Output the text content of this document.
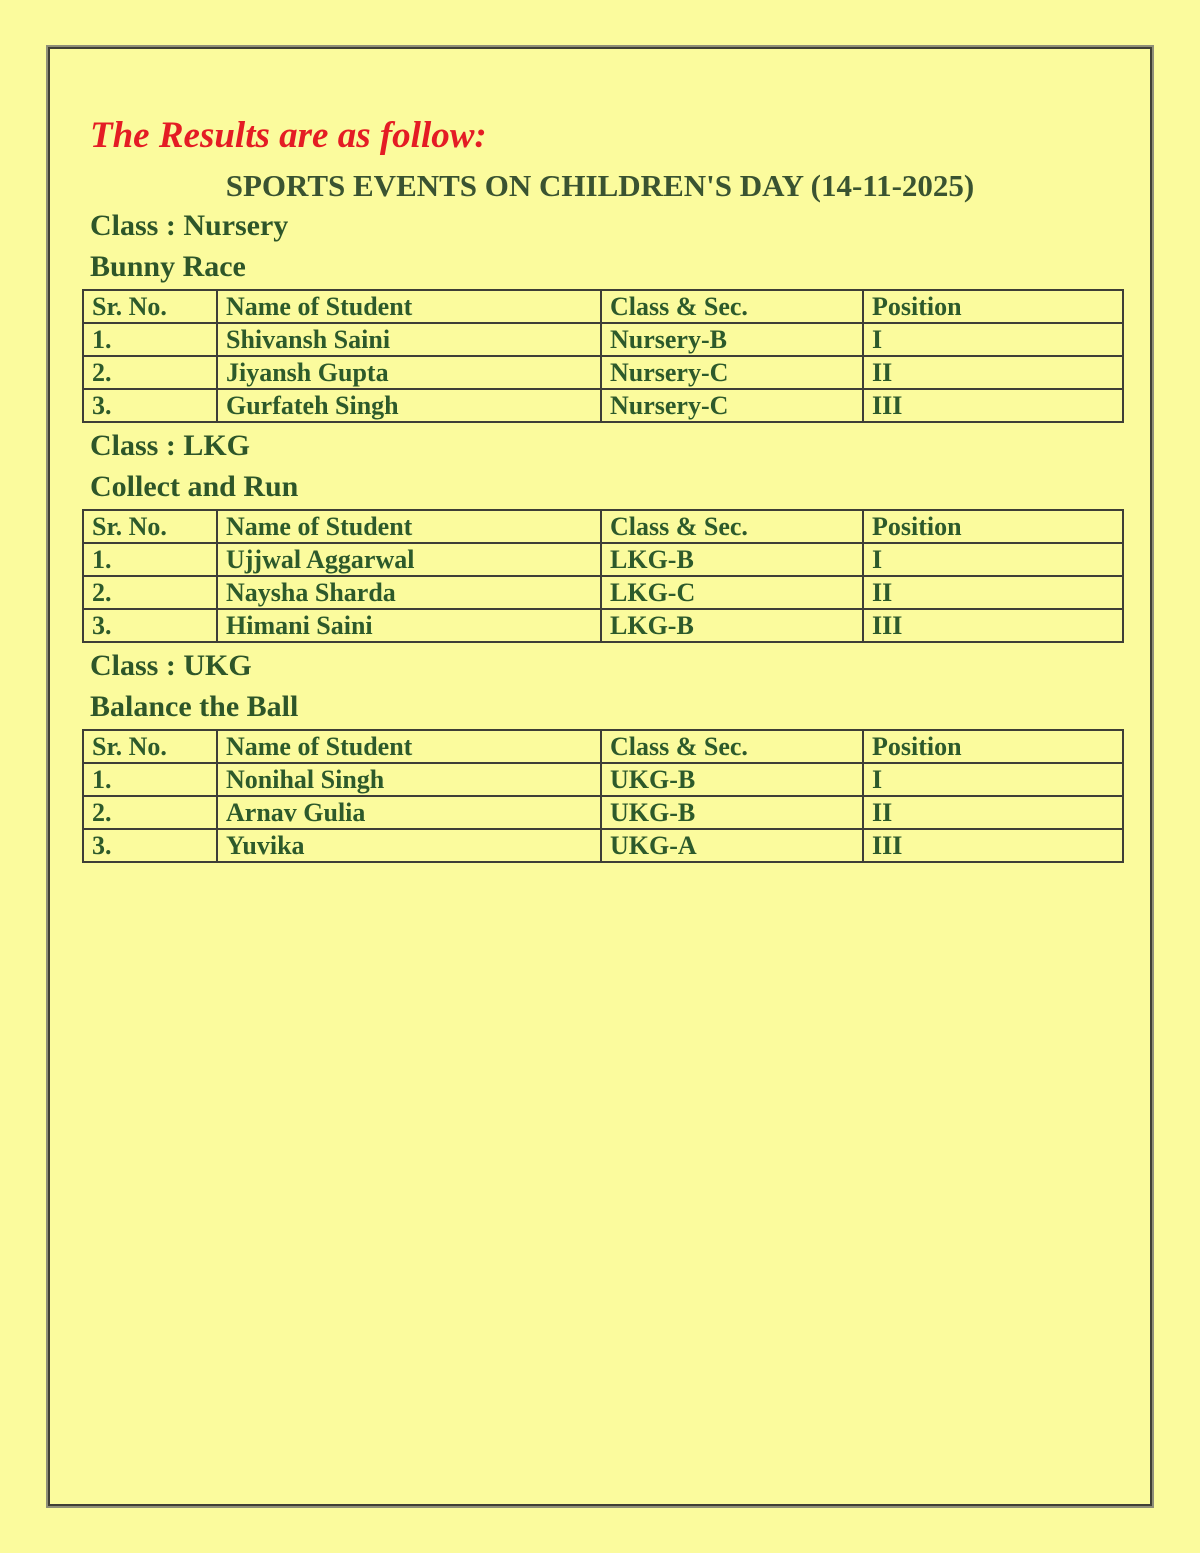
The Results are as follow:
SPORTS EVENTS ON CHILDREN'S DAY (14-11-2025)
Class : Nursery
Bunny Race
Sr. No.	Name of Student	Class & Sec.	Position
1.	Shivansh Saini	Nursery-B	I
2.	Jiyansh Gupta	Nursery-C	II
3.	Gurfateh Singh	Nursery-C	III
Class : LKG
Collect and Run
Sr. No.	Name of Student	Class & Sec.	Position
1.	Ujjwal Aggarwal	LKG-B	I
2.	Naysha Sharda	LKG-C	II
3.	Himani Saini	LKG-B	III
Class : UKG
Balance the Ball
Sr. No.	Name of Student	Class & Sec.	Position
1.	Nonihal Singh	UKG-B	I
2.	Arnav Gulia	UKG-B	II
3.	Yuvika	UKG-A	III
